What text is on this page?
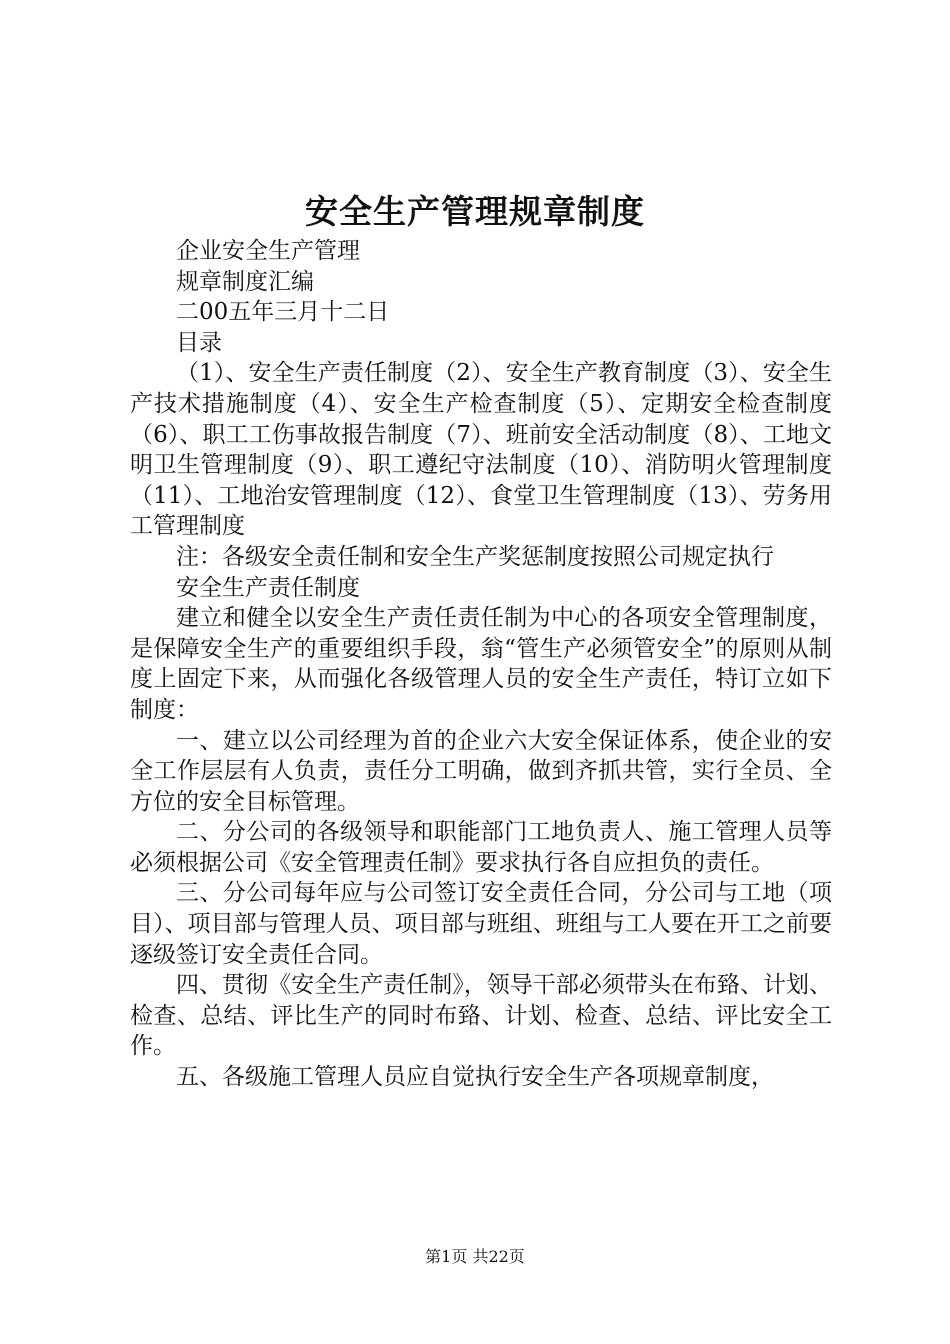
安全生产管理规章制度

企业安全生产管理

规章制度汇编

二00五年三月十二日

目录

（1）、安全生产责任制度（2）、安全生产教育制度（3）、安全生产技术措施制度（4）、安全生产检查制度（5）、定期安全检查制度（6）、职工工伤事故报告制度（7）、班前安全活动制度（8）、工地文明卫生管理制度（9）、职工遵纪守法制度（10）、消防明火管理制度（11）、工地治安管理制度（12）、食堂卫生管理制度（13）、劳务用工管理制度

注：各级安全责任制和安全生产奖惩制度按照公司规定执行

安全生产责任制度

建立和健全以安全生产责任责任制为中心的各项安全管理制度，是保障安全生产的重要组织手段，翁“管生产必须管安全”的原则从制度上固定下来，从而强化各级管理人员的安全生产责任，特订立如下制度：

一、建立以公司经理为首的企业六大安全保证体系，使企业的安全工作层层有人负责，责任分工明确，做到齐抓共管，实行全员、全方位的安全目标管理。

二、分公司的各级领导和职能部门工地负责人、施工管理人员等必须根据公司《安全管理责任制》要求执行各自应担负的责任。

三、分公司每年应与公司签订安全责任合同，分公司与工地（项目）、项目部与管理人员、项目部与班组、班组与工人要在开工之前要逐级签订安全责任合同。

四、贯彻《安全生产责任制》，领导干部必须带头在布臵、计划、检查、总结、评比生产的同时布臵、计划、检查、总结、评比安全工作。

五、各级施工管理人员应自觉执行安全生产各项规章制度，

第1页 共22页
